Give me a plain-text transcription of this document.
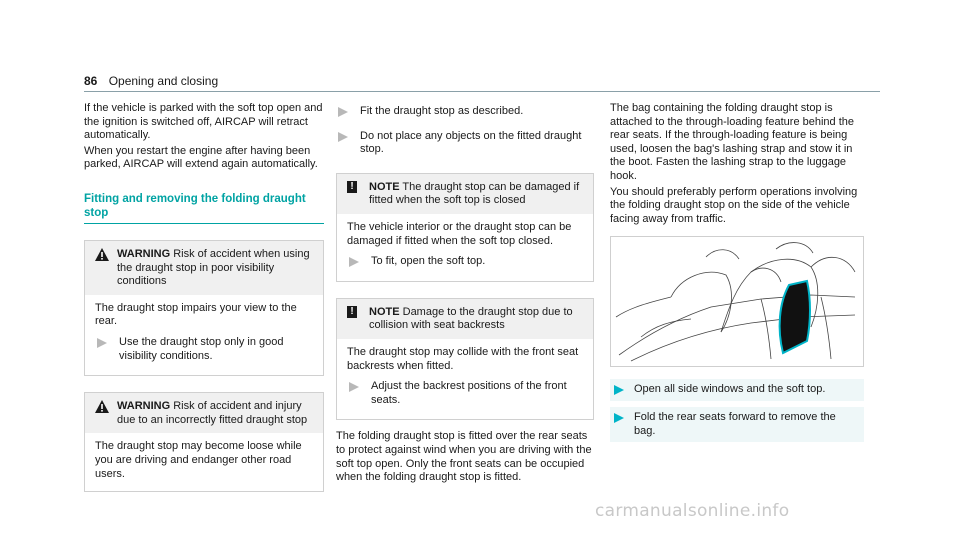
86 Opening and closing

If the vehicle is parked with the soft top open and the ignition is switched off, AIRCAP will retract automatically.

When you restart the engine after having been parked, AIRCAP will extend again automatically.

Fitting and removing the folding draught stop
WARNING Risk of accident when using the draught stop in poor visibility conditions

The draught stop impairs your view to the rear.

Use the draught stop only in good visibility conditions.
WARNING Risk of accident and injury due to an incorrectly fitted draught stop

The draught stop may become loose while you are driving and endanger other road users.

Fit the draught stop as described.
Do not place any objects on the fitted draught stop.
!	NOTE The draught stop can be damaged if fitted when the soft top is closed

The vehicle interior or the draught stop can be damaged if fitted when the soft top closed.

To fit, open the soft top.
!	NOTE Damage to the draught stop due to collision with seat backrests

The draught stop may collide with the front seat backrests when fitted.

Adjust the backrest positions of the front seats.

The folding draught stop is fitted over the rear seats to protect against wind when you are driving with the soft top open. Only the front seats can be occupied when the folding draught stop is fitted.

The bag containing the folding draught stop is attached to the through-loading feature behind the rear seats. If the through-loading feature is being used, loosen the bag's lashing strap and stow it in the boot. Fasten the lashing strap to the luggage hook.

You should preferably perform operations involving the folding draught stop on the side of the vehicle facing away from traffic.

Open all side windows and the soft top.
Fold the rear seats forward to remove the bag.
carmanualsonline.info
